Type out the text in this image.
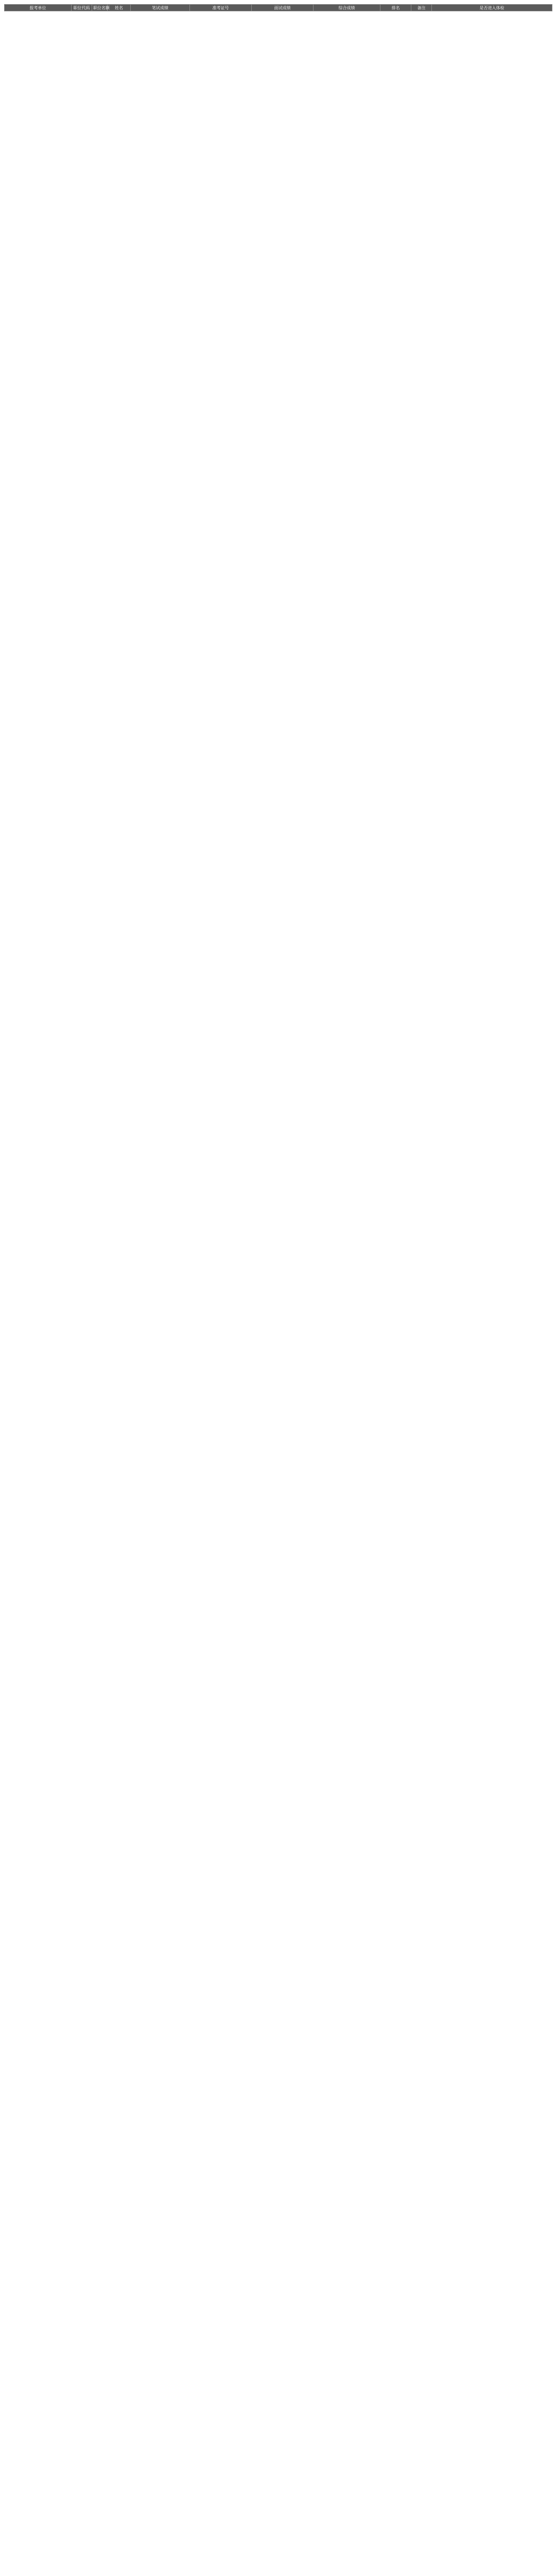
报考单位	职位代码	职位名额	姓名	笔试成绩	准考证号	面试成绩	综合成绩	排名	备注	是否进入体检
